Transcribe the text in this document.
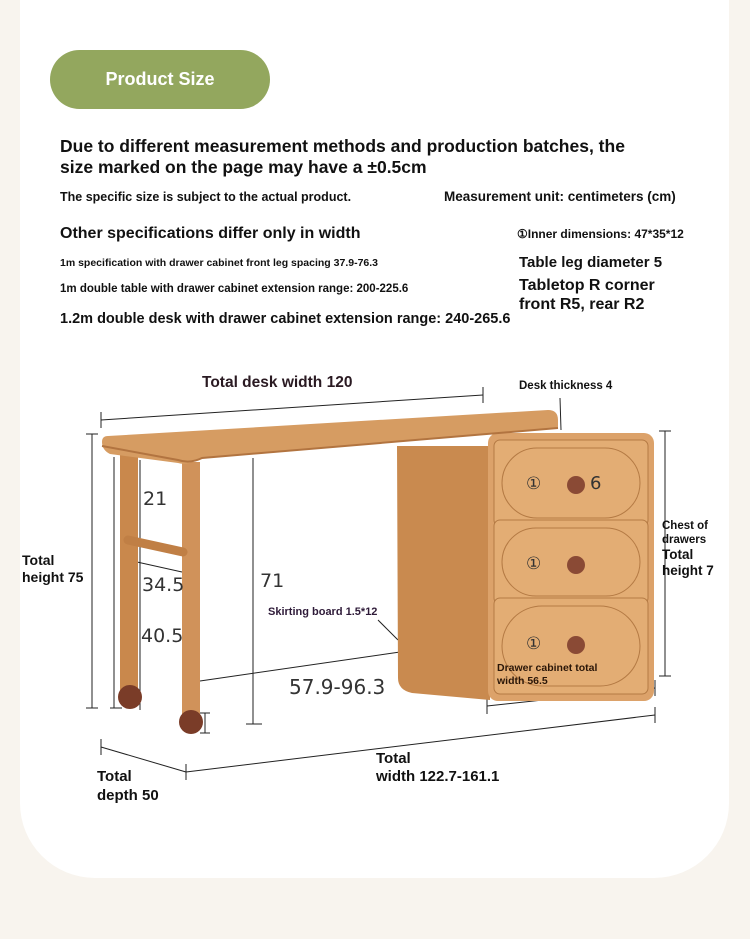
Product Size
Due to different measurement methods and production batches, the
size marked on the page may have a ±0.5cm
The specific size is subject to the actual product.	Measurement unit: centimeters (cm)
Other specifications differ only in width	①Inner dimensions: 47*35*12
1m specification with drawer cabinet front leg spacing 37.9-76.3	Table leg diameter 5
1m double table with drawer cabinet extension range: 200-225.6	Tabletop R corner
front R5, rear R2
1.2m double desk with drawer cabinet extension range: 240-265.6
Total desk width 120	Desk thickness 4
Total
height 75
21
34.5
40.5
71
Skirting board 1.5*12
57.9-96.3
6
①
①
①
Chest of
drawers
Total
height 7
Drawer cabinet total
width 56.5
Total
width 122.7-161.1
Total
depth 50
